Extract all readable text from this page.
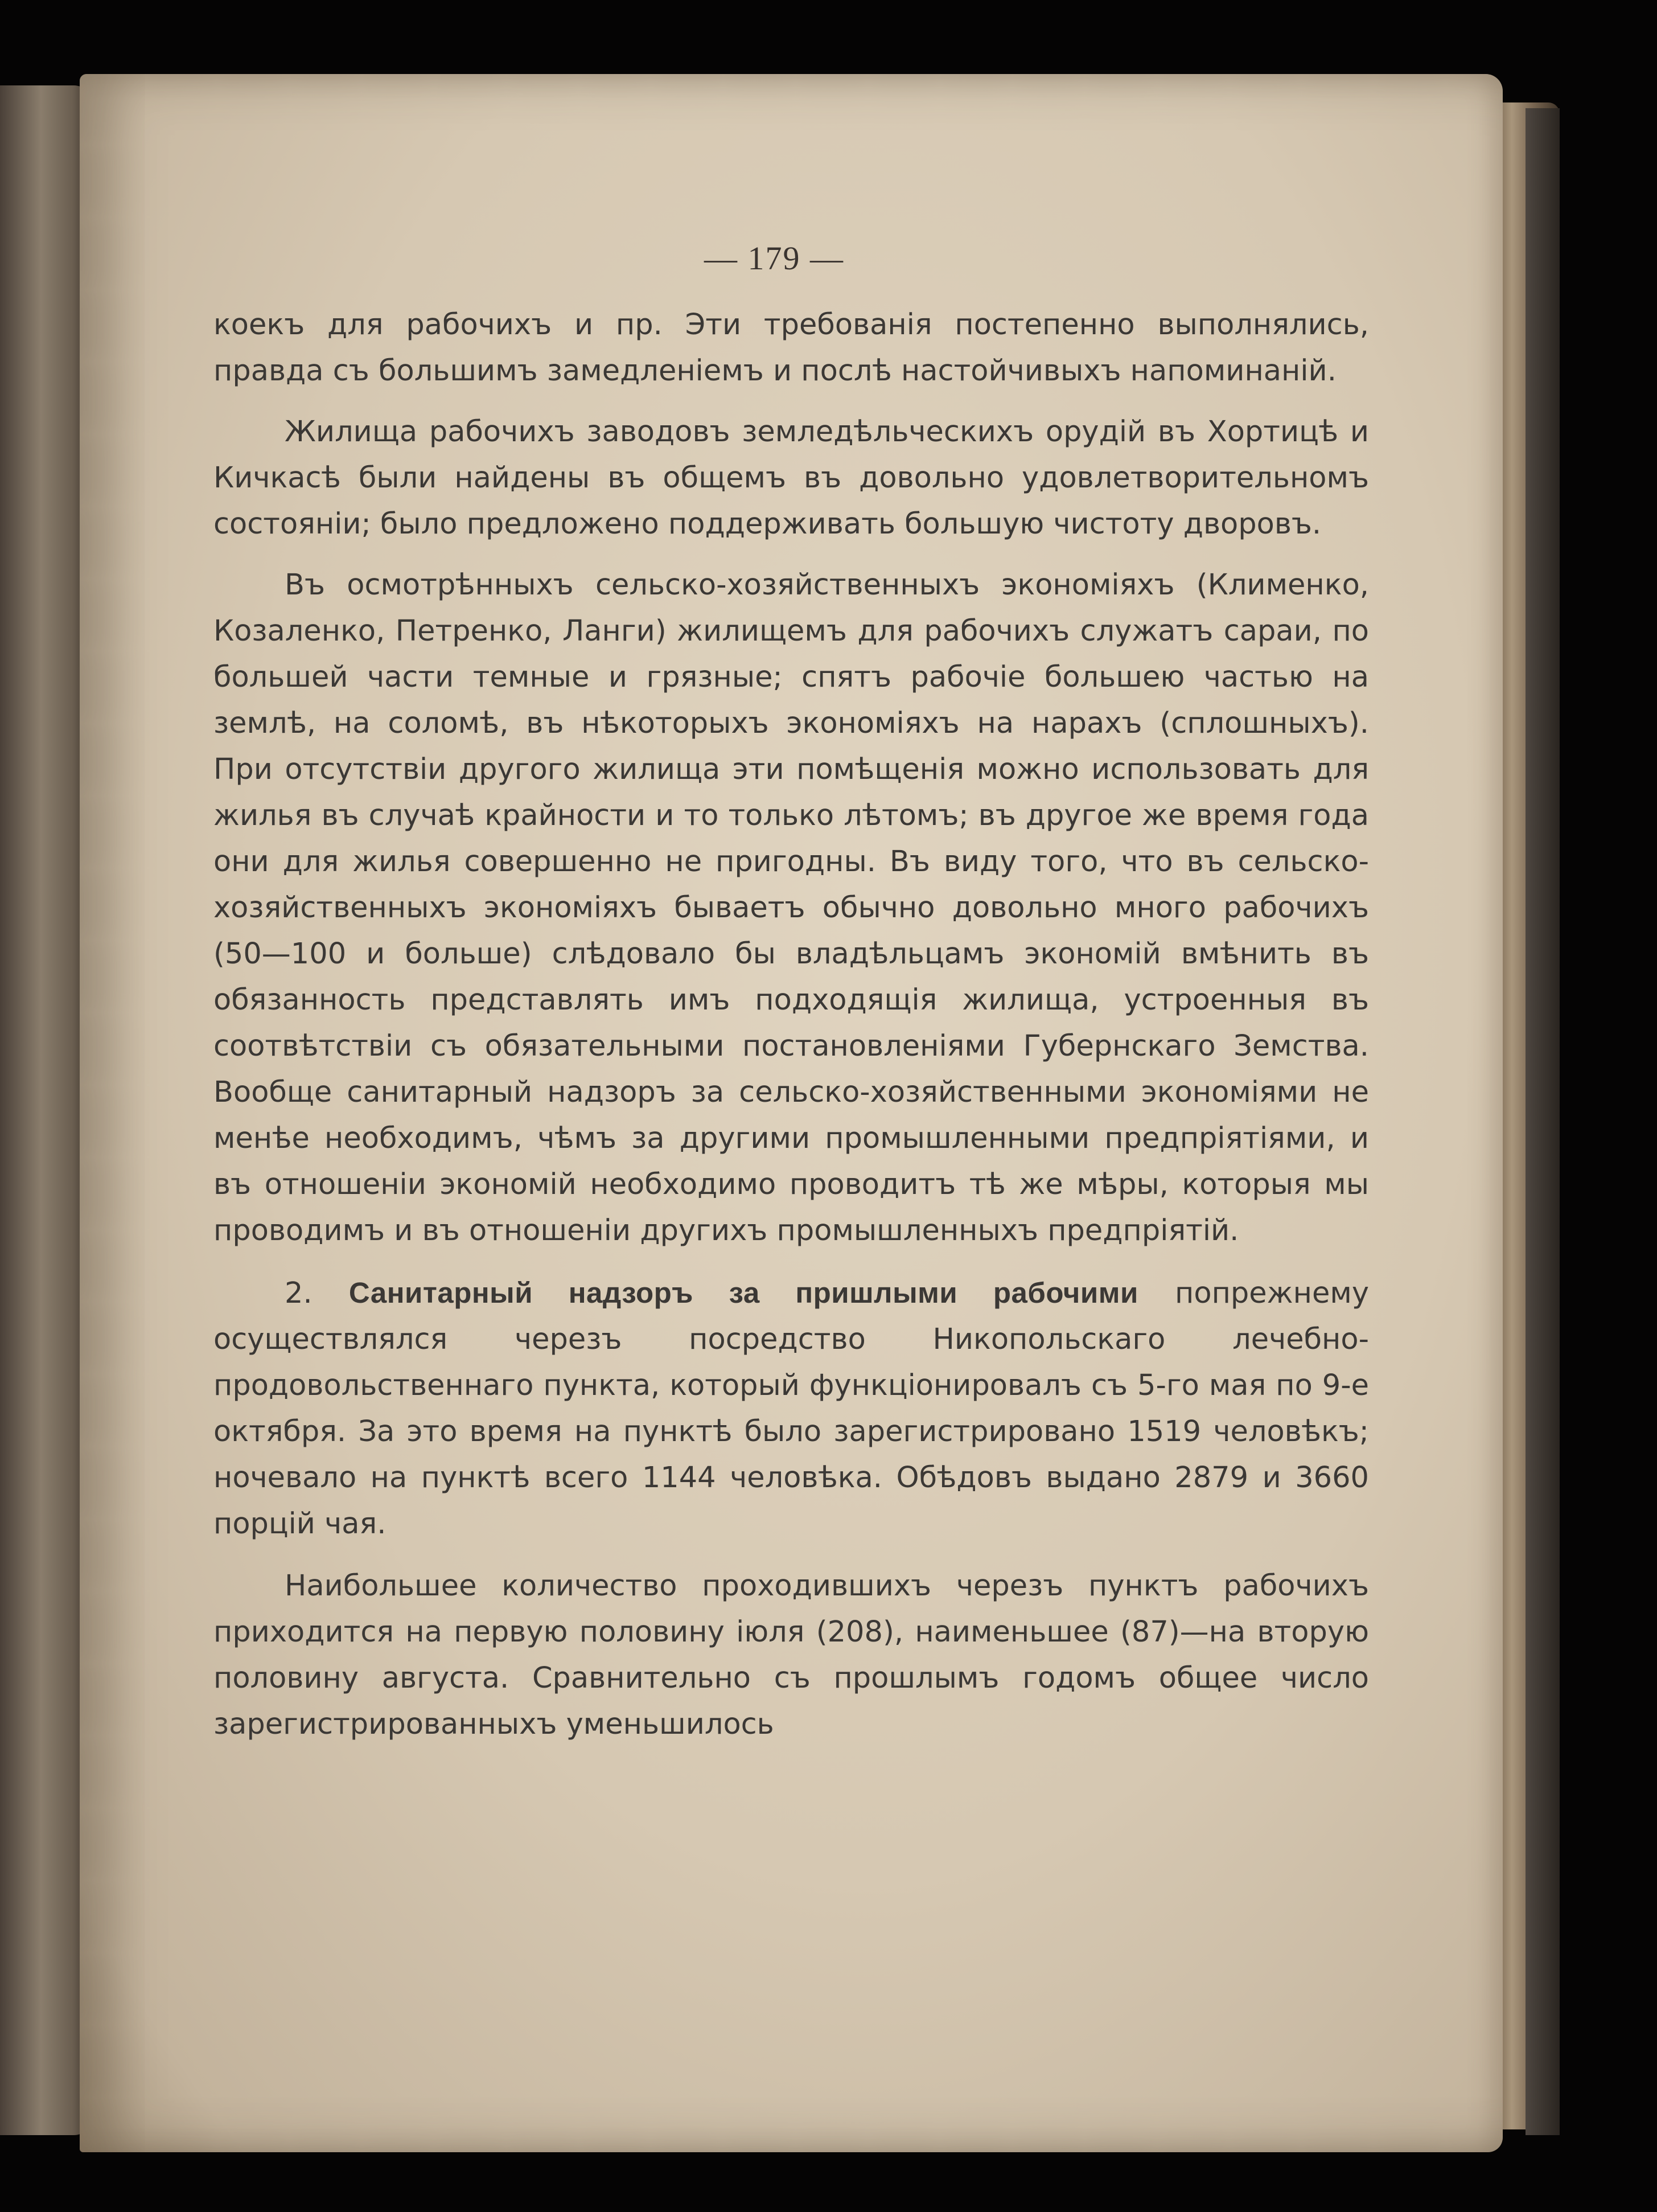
— 179 —

коекъ для рабочихъ и пр. Эти требованія постепенно выполнялись, правда съ большимъ замедленіемъ и послѣ настойчивыхъ напоминаній.

Жилища рабочихъ заводовъ земледѣльческихъ орудій въ Хортицѣ и Кичкасѣ были найдены въ общемъ въ довольно удовлетворительномъ состояніи; было предложено поддерживать большую чистоту дворовъ.

Въ осмотрѣнныхъ сельско-хозяйственныхъ экономіяхъ (Клименко, Козаленко, Петренко, Ланги) жилищемъ для рабочихъ служатъ сараи, по большей части темные и грязные; спятъ рабочіе большею частью на землѣ, на соломѣ, въ нѣкоторыхъ экономіяхъ на нарахъ (сплошныхъ). При отсутствіи другого жилища эти помѣщенія можно использовать для жилья въ случаѣ крайности и то только лѣтомъ; въ другое же время года они для жилья совершенно не пригодны. Въ виду того, что въ сельско-хозяйственныхъ экономіяхъ бываетъ обычно довольно много рабочихъ (50—100 и больше) слѣдовало бы владѣльцамъ экономій вмѣнить въ обязанность представлять имъ подходящія жилища, устроенныя въ соотвѣтствіи съ обязательными постановленіями Губернскаго Земства. Вообще санитарный надзоръ за сельско-хозяйственными экономіями не менѣе необходимъ, чѣмъ за другими промышленными предпріятіями, и въ отношеніи экономій необходимо проводитъ тѣ же мѣры, которыя мы проводимъ и въ отношеніи другихъ промышленныхъ предпріятій.

2. Санитарный надзоръ за пришлыми рабочими попрежнему осуществлялся черезъ посредство Никопольскаго лечебно-продовольственнаго пункта, который функціонировалъ съ 5-го мая по 9-е октября. За это время на пунктѣ было зарегистрировано 1519 человѣкъ; ночевало на пунктѣ всего 1144 человѣка. Обѣдовъ выдано 2879 и 3660 порцій чая.

Наибольшее количество проходившихъ черезъ пунктъ рабочихъ приходится на первую половину іюля (208), наименьшее (87)—на вторую половину августа. Сравнительно съ прошлымъ годомъ общее число зарегистрированныхъ уменьшилось
